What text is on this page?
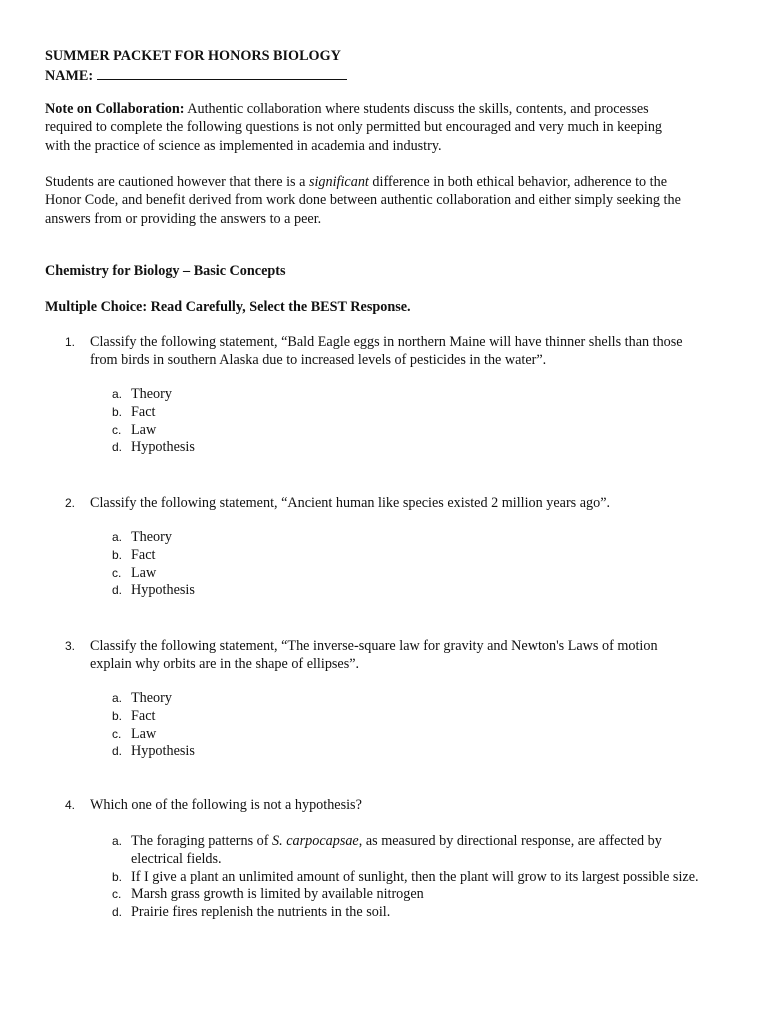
SUMMER PACKET FOR HONORS BIOLOGY
NAME:
Note on Collaboration: Authentic collaboration where students discuss the skills, contents, and processes
required to complete the following questions is not only permitted but encouraged and very much in keeping
with the practice of science as implemented in academia and industry.
Students are cautioned however that there is a significant difference in both ethical behavior, adherence to the
Honor Code, and benefit derived from work done between authentic collaboration and either simply seeking the
answers from or providing the answers to a peer.
Chemistry for Biology – Basic Concepts
Multiple Choice: Read Carefully, Select the BEST Response.
1. Classify the following statement, “Bald Eagle eggs in northern Maine will have thinner shells than those
from birds in southern Alaska due to increased levels of pesticides in the water”.
a. Theory
b. Fact
c. Law
d. Hypothesis
2. Classify the following statement, “Ancient human like species existed 2 million years ago”.
a. Theory
b. Fact
c. Law
d. Hypothesis
3. Classify the following statement, “The inverse-square law for gravity and Newton's Laws of motion
explain why orbits are in the shape of ellipses”.
a. Theory
b. Fact
c. Law
d. Hypothesis
4. Which one of the following is not a hypothesis?
a. The foraging patterns of S. carpocapsae, as measured by directional response, are affected by
electrical fields.
b. If I give a plant an unlimited amount of sunlight, then the plant will grow to its largest possible size.
c. Marsh grass growth is limited by available nitrogen
d. Prairie fires replenish the nutrients in the soil.
